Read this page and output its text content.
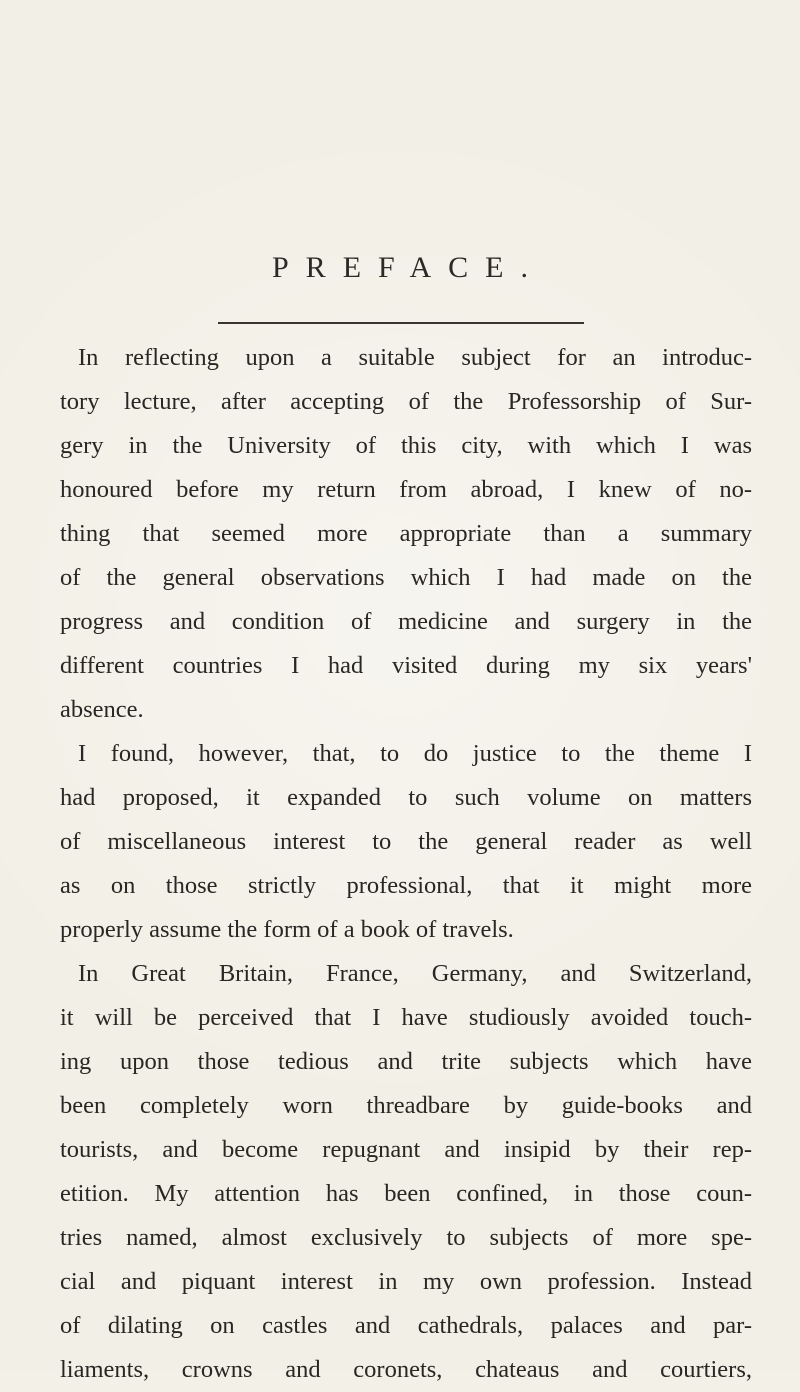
PREFACE.
In reflecting upon a suitable subject for an introduc-
tory lecture, after accepting of the Professorship of Sur-
gery in the University of this city, with which I was
honoured before my return from abroad, I knew of no-
thing that seemed more appropriate than a summary
of the general observations which I had made on the
progress and condition of medicine and surgery in the
different countries I had visited during my six years'
absence.
I found, however, that, to do justice to the theme I
had proposed, it expanded to such volume on matters
of miscellaneous interest to the general reader as well
as on those strictly professional, that it might more
properly assume the form of a book of travels.
In Great Britain, France, Germany, and Switzerland,
it will be perceived that I have studiously avoided touch-
ing upon those tedious and trite subjects which have
been completely worn threadbare by guide-books and
tourists, and become repugnant and insipid by their rep-
etition. My attention has been confined, in those coun-
tries named, almost exclusively to subjects of more spe-
cial and piquant interest in my own profession. Instead
of dilating on castles and cathedrals, palaces and par-
liaments, crowns and coronets, chateaus and courtiers,
